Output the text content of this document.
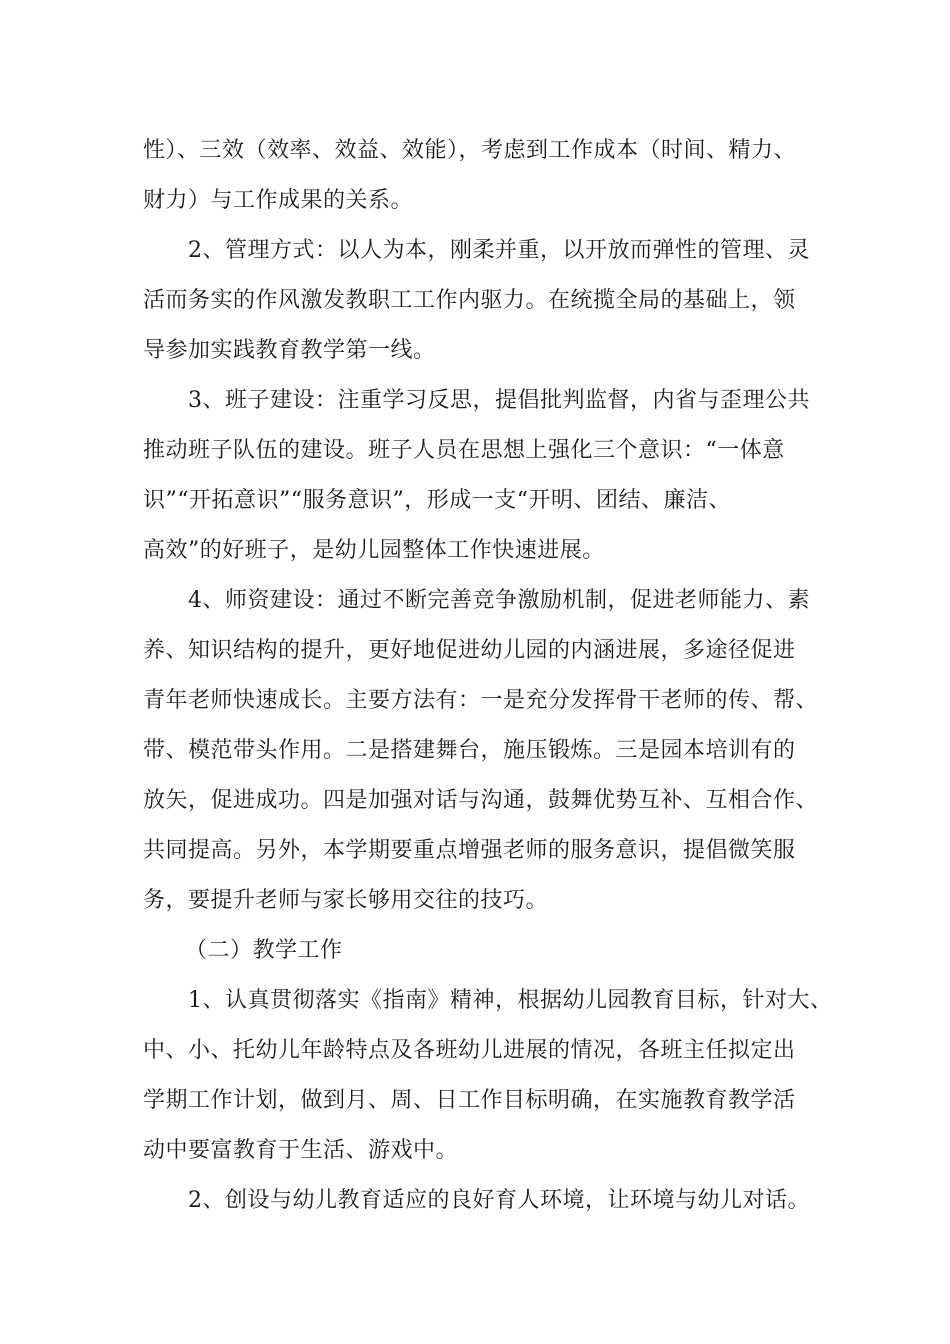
性）、三效（效率、效益、效能），考虑到工作成本（时间、精力、
财力）与工作成果的关系。
2、管理方式：以人为本，刚柔并重，以开放而弹性的管理、灵
活而务实的作风激发教职工工作内驱力。在统揽全局的基础上，领
导参加实践教育教学第一线。
3、班子建设：注重学习反思，提倡批判监督，内省与歪理公共
推动班子队伍的建设。班子人员在思想上强化三个意识：“一体意
识”“开拓意识”“服务意识”，形成一支“开明、团结、廉洁、
高效”的好班子，是幼儿园整体工作快速进展。
4、师资建设：通过不断完善竞争激励机制，促进老师能力、素
养、知识结构的提升，更好地促进幼儿园的内涵进展，多途径促进
青年老师快速成长。主要方法有：一是充分发挥骨干老师的传、帮、
带、模范带头作用。二是搭建舞台，施压锻炼。三是园本培训有的
放矢，促进成功。四是加强对话与沟通，鼓舞优势互补、互相合作、
共同提高。另外，本学期要重点增强老师的服务意识，提倡微笑服
务，要提升老师与家长够用交往的技巧。
（二）教学工作
1、认真贯彻落实《指南》精神，根据幼儿园教育目标，针对大、
中、小、托幼儿年龄特点及各班幼儿进展的情况，各班主任拟定出
学期工作计划，做到月、周、日工作目标明确，在实施教育教学活
动中要富教育于生活、游戏中。
2、创设与幼儿教育适应的良好育人环境，让环境与幼儿对话。
